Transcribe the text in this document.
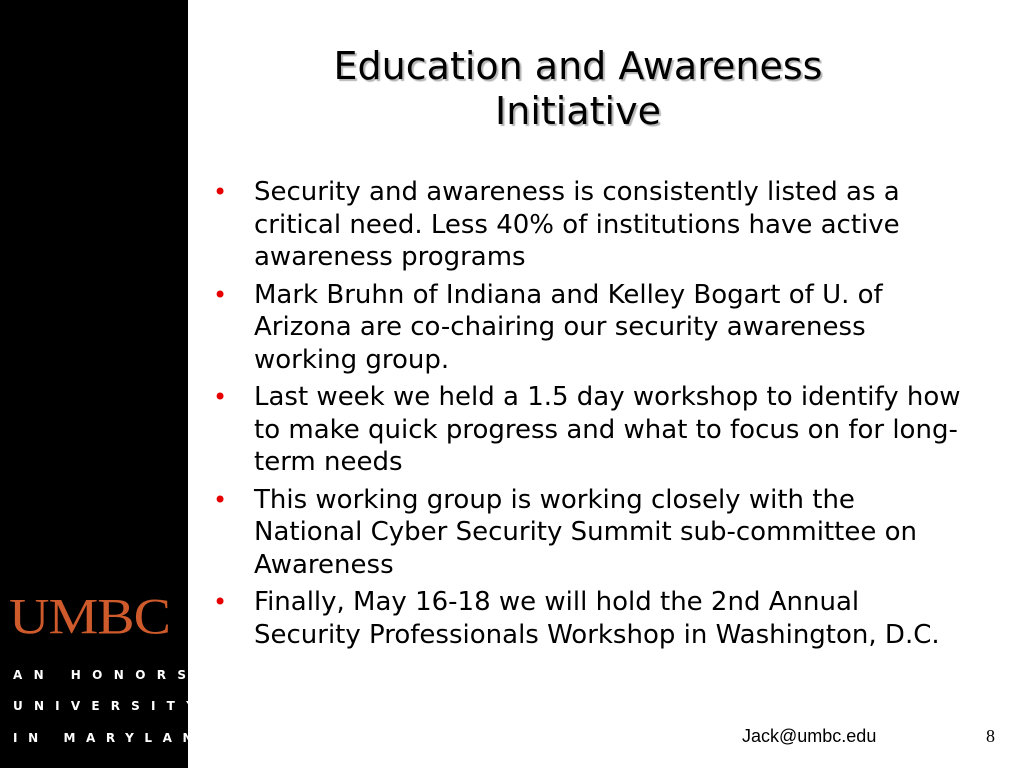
UMBC
AN HONORS
UNIVERSITY
IN MARYLAND
Education and Awareness
Initiative
• Security and awareness is consistently listed as a critical need. Less 40% of institutions have active awareness programs
• Mark Bruhn of Indiana and Kelley Bogart of U. of Arizona are co-chairing our security awareness working group.
• Last week we held a 1.5 day workshop to identify how to make quick progress and what to focus on for long-term needs
• This working group is working closely with the National Cyber Security Summit sub-committee on Awareness
• Finally, May 16-18 we will hold the 2nd Annual Security Professionals Workshop in Washington, D.C.
Jack@umbc.edu	8
